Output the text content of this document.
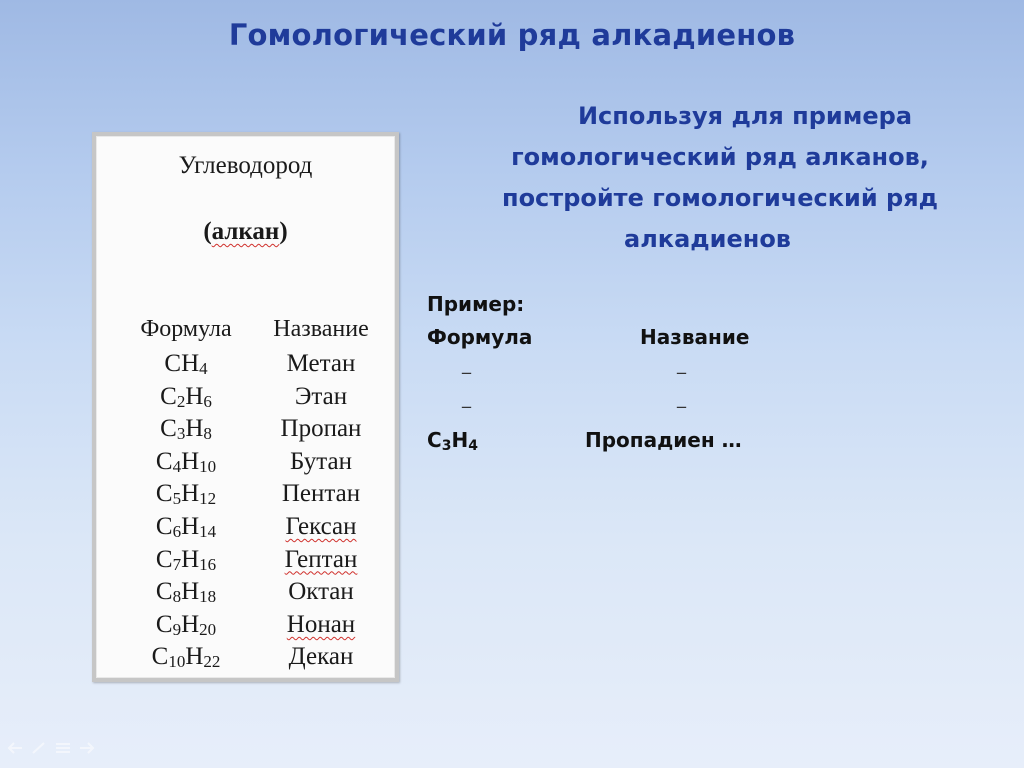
Гомологический ряд алкадиенов
Используя для примера
гомологический ряд алканов,
постройте гомологический ряд
алкадиенов
Углеводород
(алкан)
Формула	Название
$CH_4$	Метан
$C_2H_6$	Этан
$C_3H_8$	Пропан
$C_4H_{10}$	Бутан
$C_5H_{12}$	Пентан
$C_6H_{14}$	Гексан
$C_7H_{16}$	Гептан
$C_8H_{18}$	Октан
$C_9H_{20}$	Нонан
$C_{10}H_{22}$	Декан
Пример:
Формула	Название
_	_
_	_
$C_3H_4$	Пропадиен …
